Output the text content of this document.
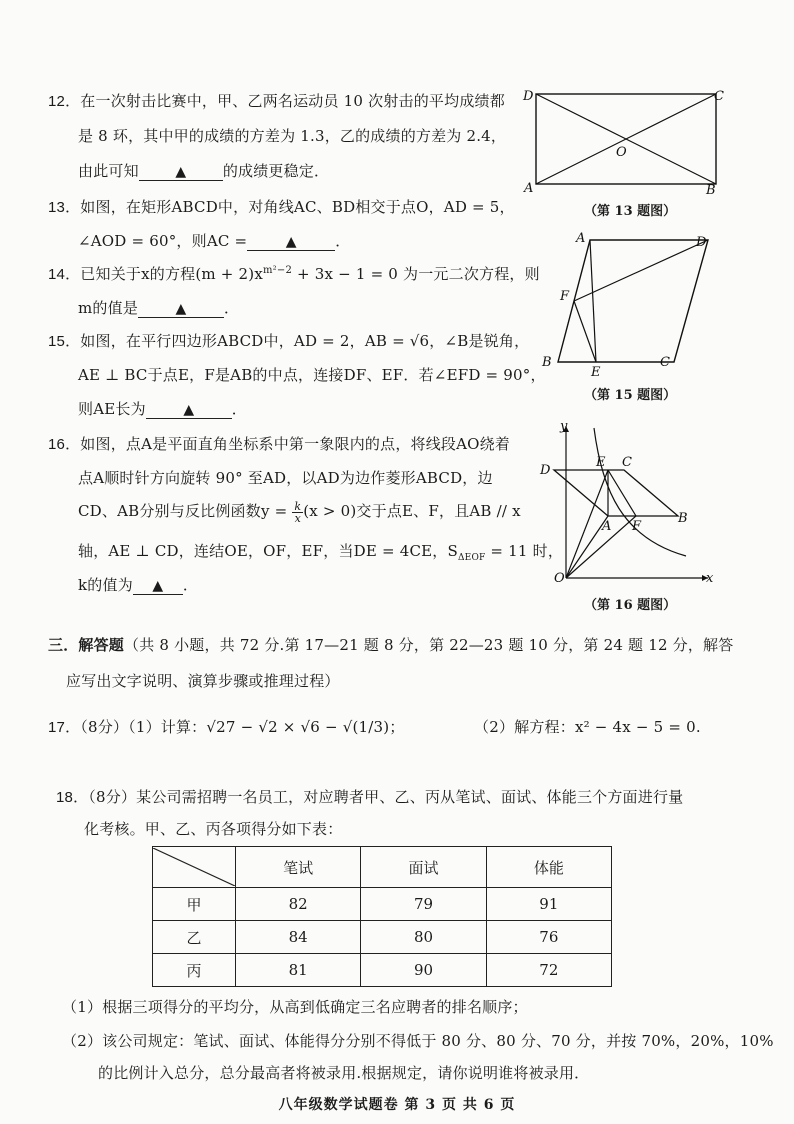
12．在一次射击比赛中，甲、乙两名运动员 10 次射击的平均成绩都
是 8 环，其中甲的成绩的方差为 1.3，乙的成绩的方差为 2.4，
由此可知	▲ 的成绩更稳定．
D	C
A	B
O
（第 13 题图）
13．如图，在矩形ABCD中，对角线AC、BD相交于点O，AD = 5，
∠AOD = 60°，则AC =	▲	．
14．已知关于x的方程$(m + 2)x^{m^2-2} + 3x - 1 = 0$ 为一元二次方程，则
m的值是	▲	．
A	D
F
B
E
C
（第 15 题图）
15．如图，在平行四边形ABCD中，AD = 2，AB = √6，∠B是锐角，
AE ⊥ BC于点E，F是AB的中点，连接DF、EF．若∠EFD = 90°，
则AE长为	▲	．
y
x
O
D
E C
A F
B
（第 16 题图）
16．如图，点A是平面直角坐标系中第一象限内的点，将线段AO绕着
点A顺时针方向旋转 90° 至AD，以AD为边作菱形ABCD，边
CD、AB分别与反比例函数$y = \frac{k}{x} (x > 0)$交于点E、F，且AB // x
轴，AE ⊥ CD，连结OE，OF，EF，当DE = 4CE，$S_{\Delta EOF} = 11$ 时，
k的值为 ▲ ．
三．解答题（共 8 小题，共 72 分.第 17—21 题 8 分，第 22—23 题 10 分，第 24 题 12 分，解答
应写出文字说明、演算步骤或推理过程）
17．（8分）（1）计算：√27 − √2 × √6 − √(1/3)；	（2）解方程：x² − 4x − 5 = 0.
18．（8分）某公司需招聘一名员工，对应聘者甲、乙、丙从笔试、面试、体能三个方面进行量
化考核。甲、乙、丙各项得分如下表：
	笔试	面试	体能
甲	82	79	91
乙	84	80	76
丙	81	90	72
（1）根据三项得分的平均分，从高到低确定三名应聘者的排名顺序；
（2）该公司规定：笔试、面试、体能得分分别不得低于 80 分、80 分、70 分，并按 70%，20%，10%
的比例计入总分，总分最高者将被录用.根据规定，请你说明谁将被录用．
八年级数学试题卷 第 3 页 共 6 页
